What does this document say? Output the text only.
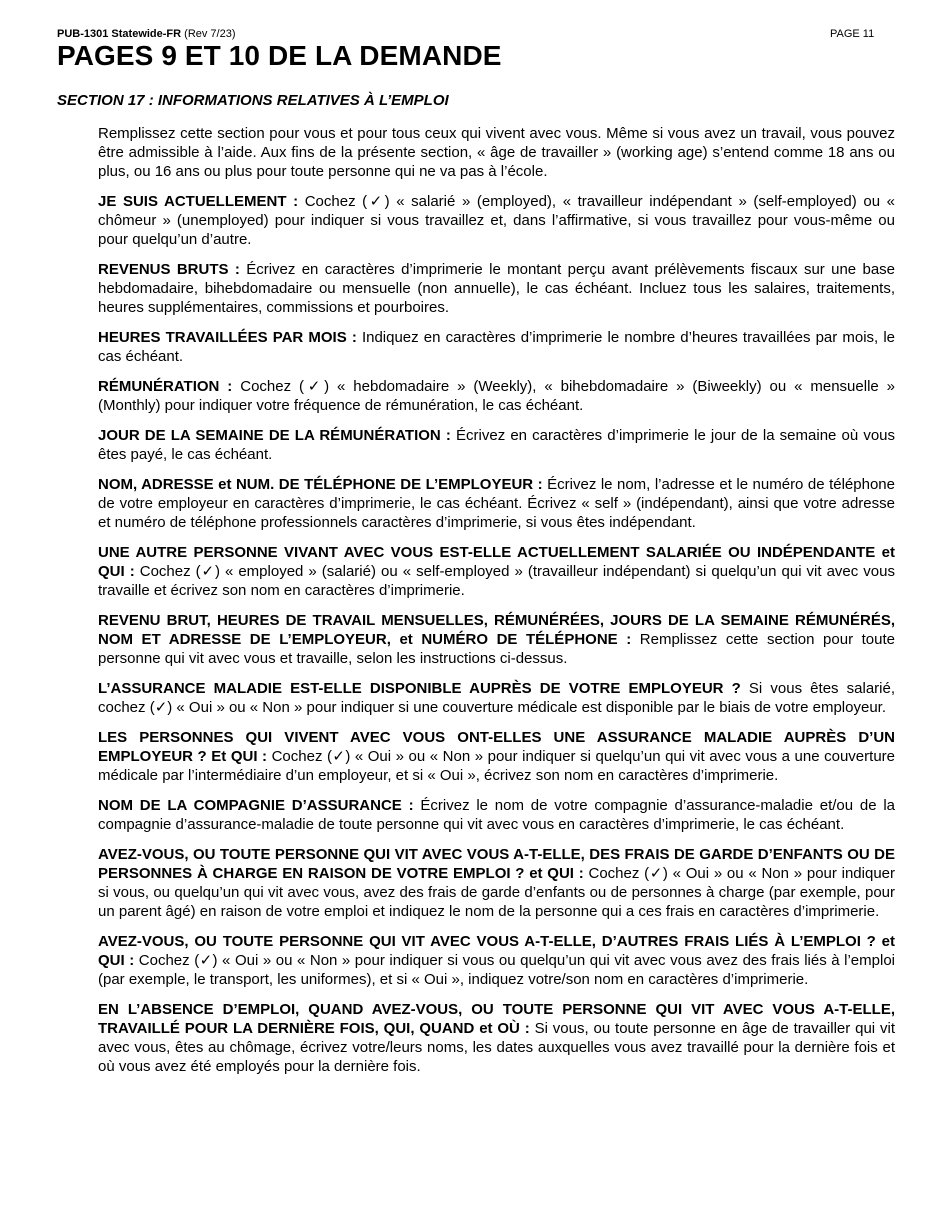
PUB-1301 Statewide-FR (Rev 7/23)	PAGE 11
PAGES 9 ET 10 DE LA DEMANDE
SECTION 17 : INFORMATIONS RELATIVES À L’EMPLOI

Remplissez cette section pour vous et pour tous ceux qui vivent avec vous. Même si vous avez un travail, vous pouvez être admissible à l’aide. Aux fins de la présente section, « âge de travailler » (working age) s’entend comme 18 ans ou plus, ou 16 ans ou plus pour toute personne qui ne va pas à l’école.

JE SUIS ACTUELLEMENT : Cochez (✓) « salarié » (employed), « travailleur indépendant » (self-employed) ou « chômeur » (unemployed) pour indiquer si vous travaillez et, dans l’affirmative, si vous travaillez pour vous-même ou pour quelqu’un d’autre.

REVENUS BRUTS : Écrivez en caractères d’imprimerie le montant perçu avant prélèvements fiscaux sur une base hebdomadaire, bihebdomadaire ou mensuelle (non annuelle), le cas échéant. Incluez tous les salaires, traitements, heures supplémentaires, commissions et pourboires.

HEURES TRAVAILLÉES PAR MOIS : Indiquez en caractères d’imprimerie le nombre d’heures travaillées par mois, le cas échéant.

RÉMUNÉRATION : Cochez (✓) « hebdomadaire » (Weekly), « bihebdomadaire » (Biweekly) ou « mensuelle » (Monthly) pour indiquer votre fréquence de rémunération, le cas échéant.

JOUR DE LA SEMAINE DE LA RÉMUNÉRATION : Écrivez en caractères d’imprimerie le jour de la semaine où vous êtes payé, le cas échéant.

NOM, ADRESSE et NUM. DE TÉLÉPHONE DE L’EMPLOYEUR : Écrivez le nom, l’adresse et le numéro de téléphone de votre employeur en caractères d’imprimerie, le cas échéant. Écrivez « self » (indépendant), ainsi que votre adresse et numéro de téléphone professionnels caractères d’imprimerie, si vous êtes indépendant.

UNE AUTRE PERSONNE VIVANT AVEC VOUS EST-ELLE ACTUELLEMENT SALARIÉE OU INDÉPENDANTE et QUI : Cochez (✓) « employed » (salarié) ou « self-employed » (travailleur indépendant) si quelqu’un qui vit avec vous travaille et écrivez son nom en caractères d’imprimerie.

REVENU BRUT, HEURES DE TRAVAIL MENSUELLES, RÉMUNÉRÉES, JOURS DE LA SEMAINE RÉMUNÉRÉS, NOM ET ADRESSE DE L’EMPLOYEUR, et NUMÉRO DE TÉLÉPHONE : Remplissez cette section pour toute personne qui vit avec vous et travaille, selon les instructions ci-dessus.

L’ASSURANCE MALADIE EST-ELLE DISPONIBLE AUPRÈS DE VOTRE EMPLOYEUR ? Si vous êtes salarié, cochez (✓) « Oui » ou « Non » pour indiquer si une couverture médicale est disponible par le biais de votre employeur.

LES PERSONNES QUI VIVENT AVEC VOUS ONT-ELLES UNE ASSURANCE MALADIE AUPRÈS D’UN EMPLOYEUR ? Et QUI : Cochez (✓) « Oui » ou « Non » pour indiquer si quelqu’un qui vit avec vous a une couverture médicale par l’intermédiaire d’un employeur, et si « Oui », écrivez son nom en caractères d’imprimerie.

NOM DE LA COMPAGNIE D’ASSURANCE : Écrivez le nom de votre compagnie d’assurance-maladie et/ou de la compagnie d’assurance-maladie de toute personne qui vit avec vous en caractères d’imprimerie, le cas échéant.

AVEZ-VOUS, OU TOUTE PERSONNE QUI VIT AVEC VOUS A-T-ELLE, DES FRAIS DE GARDE D’ENFANTS OU DE PERSONNES À CHARGE EN RAISON DE VOTRE EMPLOI ? et QUI : Cochez (✓) « Oui » ou « Non » pour indiquer si vous, ou quelqu’un qui vit avec vous, avez des frais de garde d’enfants ou de personnes à charge (par exemple, pour un parent âgé) en raison de votre emploi et indiquez le nom de la personne qui a ces frais en caractères d’imprimerie.

AVEZ-VOUS, OU TOUTE PERSONNE QUI VIT AVEC VOUS A-T-ELLE, D’AUTRES FRAIS LIÉS À L’EMPLOI ? et QUI : Cochez (✓) « Oui » ou « Non » pour indiquer si vous ou quelqu’un qui vit avec vous avez des frais liés à l’emploi (par exemple, le transport, les uniformes), et si « Oui », indiquez votre/son nom en caractères d’imprimerie.

EN L’ABSENCE D’EMPLOI, QUAND AVEZ-VOUS, OU TOUTE PERSONNE QUI VIT AVEC VOUS A-T-ELLE, TRAVAILLÉ POUR LA DERNIÈRE FOIS, QUI, QUAND et OÙ : Si vous, ou toute personne en âge de travailler qui vit avec vous, êtes au chômage, écrivez votre/leurs noms, les dates auxquelles vous avez travaillé pour la dernière fois et où vous avez été employés pour la dernière fois.
